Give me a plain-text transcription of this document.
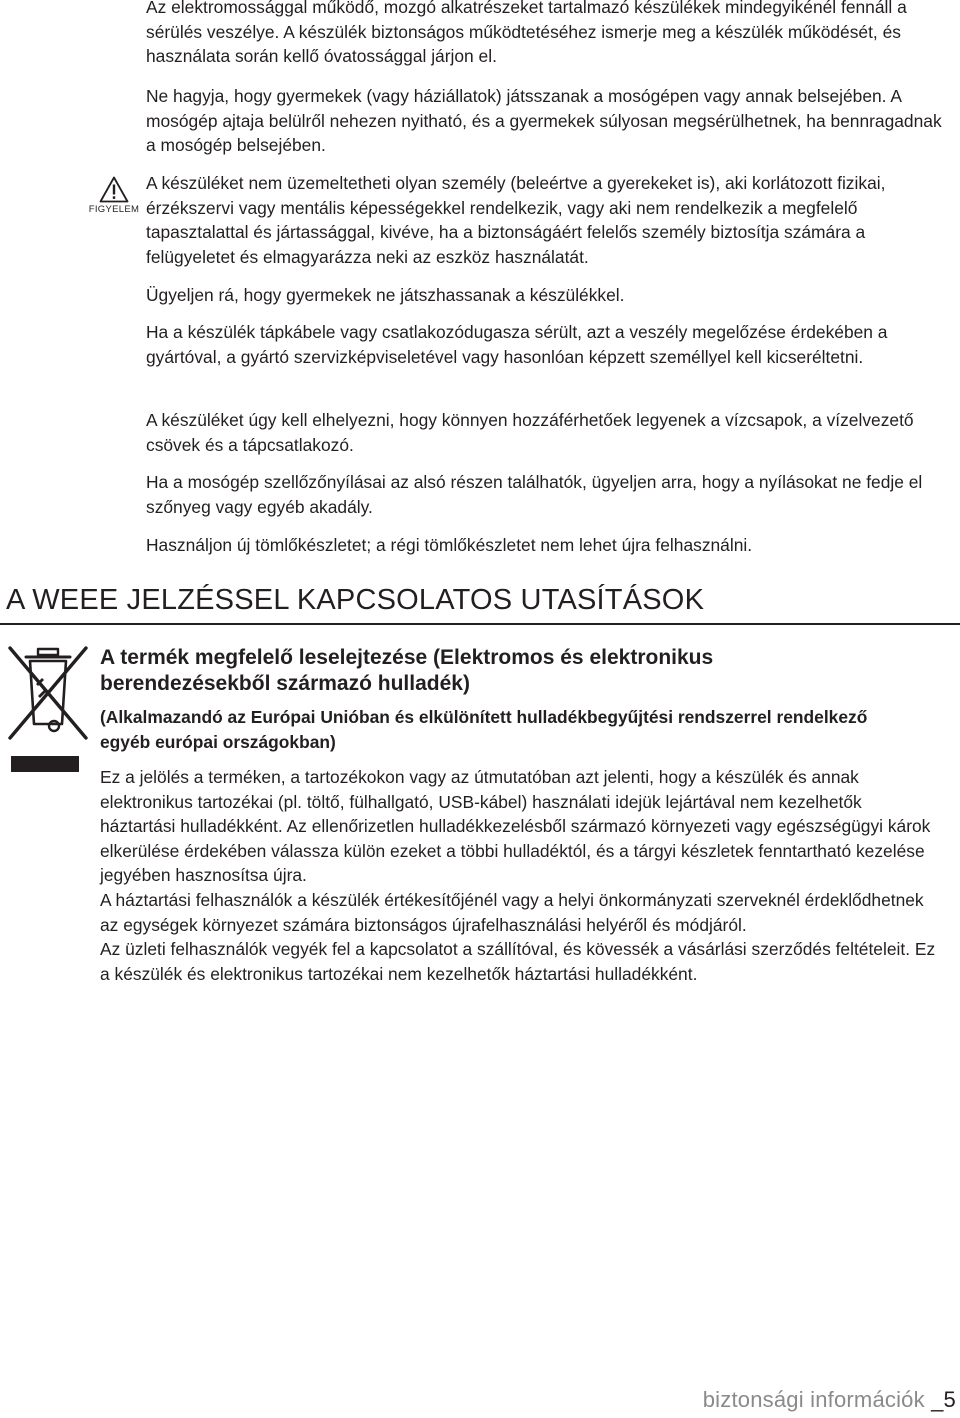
Az elektromossággal működő, mozgó alkatrészeket tartalmazó készülékek mindegyikénél fennáll a sérülés veszélye. A készülék biztonságos működtetéséhez ismerje meg a készülék működését, és használata során kellő óvatossággal járjon el.

Ne hagyja, hogy gyermekek (vagy háziállatok) játsszanak a mosógépen vagy annak belsejében. A mosógép ajtaja belülről nehezen nyitható, és a gyermekek súlyosan megsérülhetnek, ha bennragadnak a mosógép belsejében.

FIGYELEM

A készüléket nem üzemeltetheti olyan személy (beleértve a gyerekeket is), aki korlátozott fizikai, érzékszervi vagy mentális képességekkel rendelkezik, vagy aki nem rendelkezik a megfelelő tapasztalattal és jártassággal, kivéve, ha a biztonságáért felelős személy biztosítja számára a felügyeletet és elmagyarázza neki az eszköz használatát.

Ügyeljen rá, hogy gyermekek ne játszhassanak a készülékkel.

Ha a készülék tápkábele vagy csatlakozódugasza sérült, azt a veszély megelőzése érdekében a gyártóval, a gyártó szervizképviseletével vagy hasonlóan képzett személlyel kell kicseréltetni.

A készüléket úgy kell elhelyezni, hogy könnyen hozzáférhetőek legyenek a vízcsapok, a vízelvezető csövek és a tápcsatlakozó.

Ha a mosógép szellőzőnyílásai az alsó részen találhatók, ügyeljen arra, hogy a nyílásokat ne fedje el szőnyeg vagy egyéb akadály.

Használjon új tömlőkészletet; a régi tömlőkészletet nem lehet újra felhasználni.

A WEEE JELZÉSSEL KAPCSOLATOS UTASÍTÁSOK
A termék megfelelő leselejtezése (Elektromos és elektronikus berendezésekből származó hulladék)

(Alkalmazandó az Európai Unióban és elkülönített hulladékbegyűjtési rendszerrel rendelkező egyéb európai országokban)

Ez a jelölés a terméken, a tartozékokon vagy az útmutatóban azt jelenti, hogy a készülék és annak elektronikus tartozékai (pl. töltő, fülhallgató, USB-kábel) használati idejük lejártával nem kezelhetők háztartási hulladékként. Az ellenőrizetlen hulladékkezelésből származó környezeti vagy egészségügyi károk elkerülése érdekében válassza külön ezeket a többi hulladéktól, és a tárgyi készletek fenntartható kezelése jegyében hasznosítsa újra.
A háztartási felhasználók a készülék értékesítőjénél vagy a helyi önkormányzati szerveknél érdeklődhetnek az egységek környezet számára biztonságos újrafelhasználási helyéről és módjáról.
Az üzleti felhasználók vegyék fel a kapcsolatot a szállítóval, és kövessék a vásárlási szerződés feltételeit. Ez a készülék és elektronikus tartozékai nem kezelhetők háztartási hulladékként.
biztonsági információk _5
